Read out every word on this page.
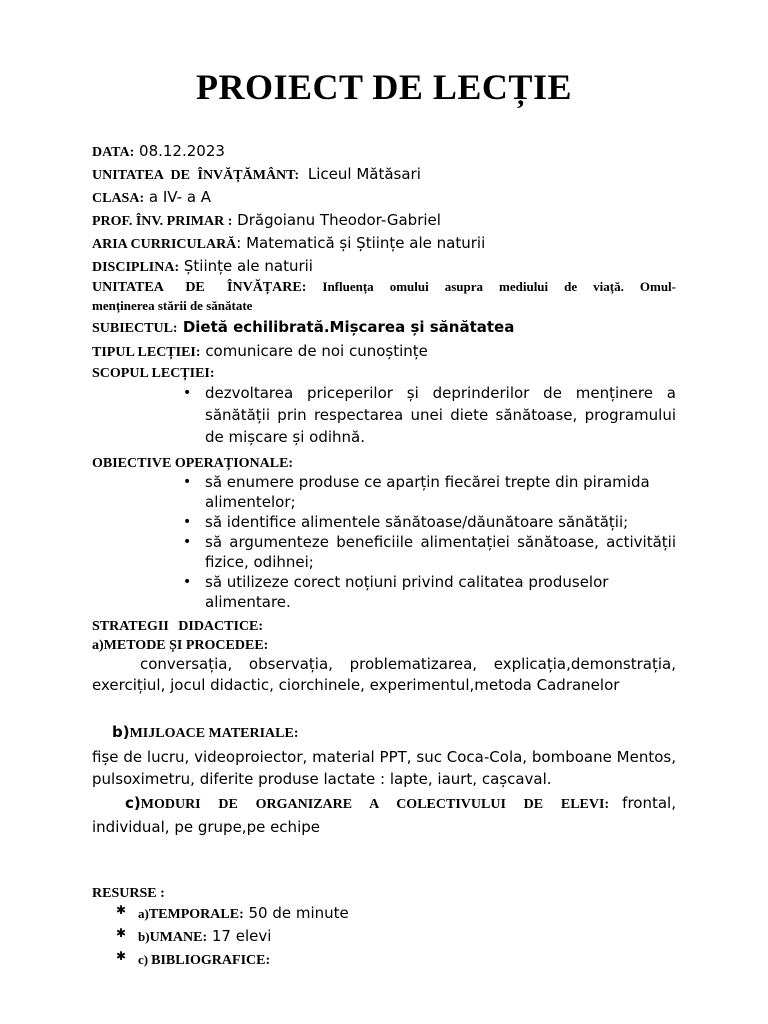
PROIECT DE LECȚIE
DATA: 08.12.2023
UNITATEA DE ÎNVĂȚĂMÂNT: Liceul Mătăsari
CLASA: a IV- a A
PROF. ÎNV. PRIMAR : Drăgoianu Theodor-Gabriel
ARIA CURRICULARĂ: Matematică și Științe ale naturii
DISCIPLINA: Științe ale naturii
UNITATEA DE ÎNVĂȚARE: Influența omului asupra mediului de viață. Omul-
menținerea stării de sănătate
SUBIECTUL: Dietă echilibrată.Mișcarea și sănătatea
TIPUL LECȚIEI: comunicare de noi cunoștințe
SCOPUL LECȚIEI:
• dezvoltarea priceperilor și deprinderilor de menținere a sănătății prin respectarea unei diete sănătoase, programului de mișcare și odihnă.
OBIECTIVE OPERAȚIONALE:
• să enumere produse ce aparțin fiecărei trepte din piramida alimentelor;
• să identifice alimentele sănătoase/dăunătoare sănătății;
• să argumenteze beneficiile alimentației sănătoase, activității fizice, odihnei;
• să utilizeze corect noțiuni privind calitatea produselor alimentare.
STRATEGII DIDACTICE:
a)METODE ȘI PROCEDEE:
conversația, observația, problematizarea, explicația,demonstrația, exercițiul, jocul didactic, ciorchinele, experimentul,metoda Cadranelor
b)MIJLOACE MATERIALE:
fișe de lucru, videoproiector, material PPT, suc Coca-Cola, bomboane Mentos, pulsoximetru, diferite produse lactate : lapte, iaurt, cașcaval.
c)MODURI DE ORGANIZARE A COLECTIVULUI DE ELEVI: frontal,
individual, pe grupe,pe echipe
RESURSE :
✱ a)TEMPORALE: 50 de minute
✱ b)UMANE: 17 elevi
✱ c) BIBLIOGRAFICE:
